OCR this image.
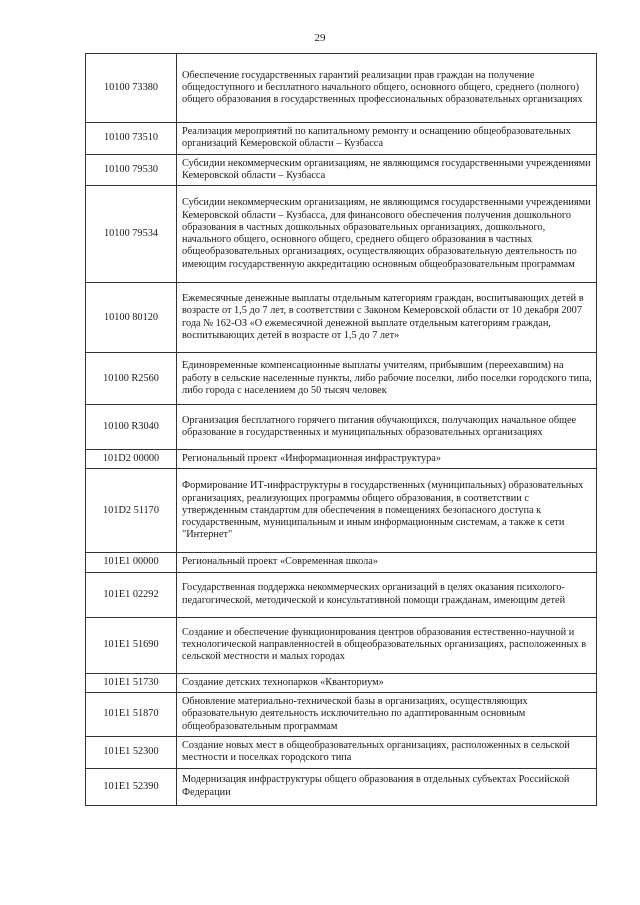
29
10100 73380	Обеспечение государственных гарантий реализации прав граждан на получение общедоступного и бесплатного начального общего, основного общего, среднего (полного) общего образования в государственных профессиональных образовательных организациях
10100 73510	Реализация мероприятий по капитальному ремонту и оснащению общеобразовательных организаций Кемеровской области – Кузбасса
10100 79530	Субсидии некоммерческим организациям, не являющимся государственными учреждениями Кемеровской области – Кузбасса
10100 79534	Субсидии некоммерческим организациям, не являющимся государственными учреждениями Кемеровской области – Кузбасса, для финансового обеспечения получения дошкольного образования в частных дошкольных образовательных организациях, дошкольного, начального общего, основного общего, среднего общего образования в частных общеобразовательных организациях, осуществляющих образовательную деятельность по имеющим государственную аккредитацию основным общеобразовательным программам
10100 80120	Ежемесячные денежные выплаты отдельным категориям граждан, воспитывающих детей в возрасте от 1,5 до 7 лет, в соответствии с Законом Кемеровской области от 10 декабря 2007 года № 162-ОЗ «О ежемесячной денежной выплате отдельным категориям граждан, воспитывающих детей в возрасте от 1,5 до 7 лет»
10100 R2560	Единовременные компенсационные выплаты учителям, прибывшим (переехавшим) на работу в сельские населенные пункты, либо рабочие поселки, либо поселки городского типа, либо города с населением до 50 тысяч человек
10100 R3040	Организация бесплатного горячего питания обучающихся, получающих начальное общее образование в государственных и муниципальных образовательных организациях
101D2 00000	Региональный проект «Информационная инфраструктура»
101D2 51170	Формирование ИТ-инфраструктуры в государственных (муниципальных) образовательных организациях, реализующих программы общего образования, в соответствии с утвержденным стандартом для обеспечения в помещениях безопасного доступа к государственным, муниципальным и иным информационным системам, а также к сети "Интернет"
101E1 00000	Региональный проект «Современная школа»
101E1 02292	Государственная поддержка некоммерческих организаций в целях оказания психолого-педагогической, методической и консультативной помощи гражданам, имеющим детей
101E1 51690	Создание и обеспечение функционирования центров образования естественно-научной и технологической направленностей в общеобразовательных организациях, расположенных в сельской местности и малых городах
101E1 51730	Создание детских технопарков «Кванториум»
101E1 51870	Обновление материально-технической базы в организациях, осуществляющих образовательную деятельность исключительно по адаптированным основным общеобразовательным программам
101E1 52300	Создание новых мест в общеобразовательных организациях, расположенных в сельской местности и поселках городского типа
101E1 52390	Модернизация инфраструктуры общего образования в отдельных субъектах Российской Федерации
